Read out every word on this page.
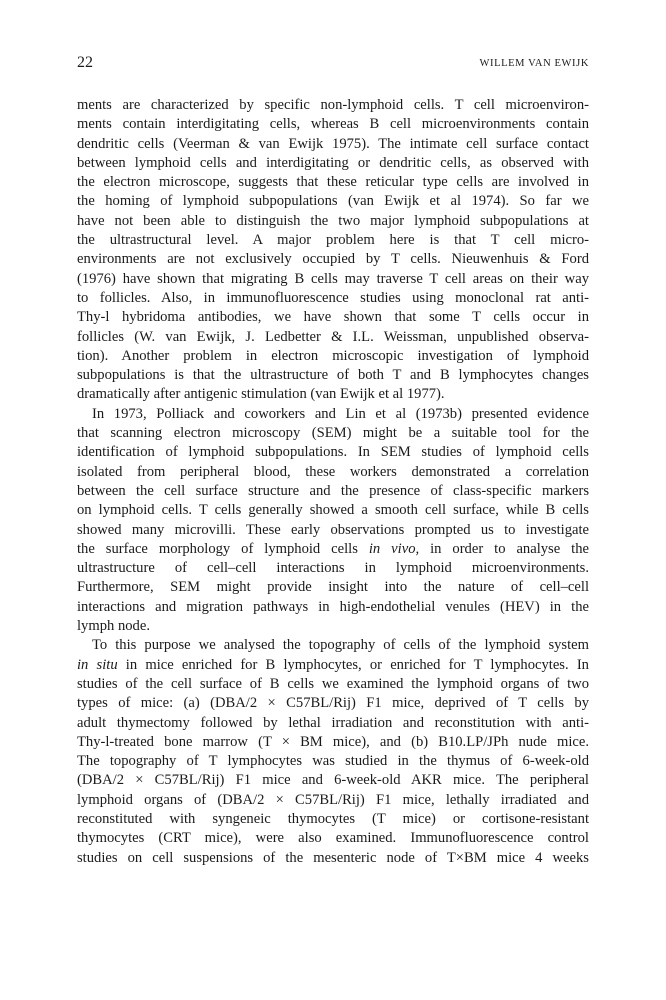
22	WILLEM VAN EWIJK
ments are characterized by specific non-lymphoid cells. T cell microenviron-
ments contain interdigitating cells, whereas B cell microenvironments contain
dendritic cells (Veerman & van Ewijk 1975). The intimate cell surface contact
between lymphoid cells and interdigitating or dendritic cells, as observed with
the electron microscope, suggests that these reticular type cells are involved in
the homing of lymphoid subpopulations (van Ewijk et al 1974). So far we
have not been able to distinguish the two major lymphoid subpopulations at
the ultrastructural level. A major problem here is that T cell micro-
environments are not exclusively occupied by T cells. Nieuwenhuis & Ford
(1976) have shown that migrating B cells may traverse T cell areas on their way
to follicles. Also, in immunofluorescence studies using monoclonal rat anti-
Thy-l hybridoma antibodies, we have shown that some T cells occur in
follicles (W. van Ewijk, J. Ledbetter & I.L. Weissman, unpublished observa-
tion). Another problem in electron microscopic investigation of lymphoid
subpopulations is that the ultrastructure of both T and B lymphocytes changes
dramatically after antigenic stimulation (van Ewijk et al 1977).
In 1973, Polliack and coworkers and Lin et al (1973b) presented evidence
that scanning electron microscopy (SEM) might be a suitable tool for the
identification of lymphoid subpopulations. In SEM studies of lymphoid cells
isolated from peripheral blood, these workers demonstrated a correlation
between the cell surface structure and the presence of class-specific markers
on lymphoid cells. T cells generally showed a smooth cell surface, while B cells
showed many microvilli. These early observations prompted us to investigate
the surface morphology of lymphoid cells in vivo, in order to analyse the
ultrastructure of cell–cell interactions in lymphoid microenvironments.
Furthermore, SEM might provide insight into the nature of cell–cell
interactions and migration pathways in high-endothelial venules (HEV) in the
lymph node.
To this purpose we analysed the topography of cells of the lymphoid system
in situ in mice enriched for B lymphocytes, or enriched for T lymphocytes. In
studies of the cell surface of B cells we examined the lymphoid organs of two
types of mice: (a) (DBA/2 × C57BL/Rij) F1 mice, deprived of T cells by
adult thymectomy followed by lethal irradiation and reconstitution with anti-
Thy-l-treated bone marrow (T × BM mice), and (b) B10.LP/JPh nude mice.
The topography of T lymphocytes was studied in the thymus of 6-week-old
(DBA/2 × C57BL/Rij) F1 mice and 6-week-old AKR mice. The peripheral
lymphoid organs of (DBA/2 × C57BL/Rij) F1 mice, lethally irradiated and
reconstituted with syngeneic thymocytes (T mice) or cortisone-resistant
thymocytes (CRT mice), were also examined. Immunofluorescence control
studies on cell suspensions of the mesenteric node of T×BM mice 4 weeks
